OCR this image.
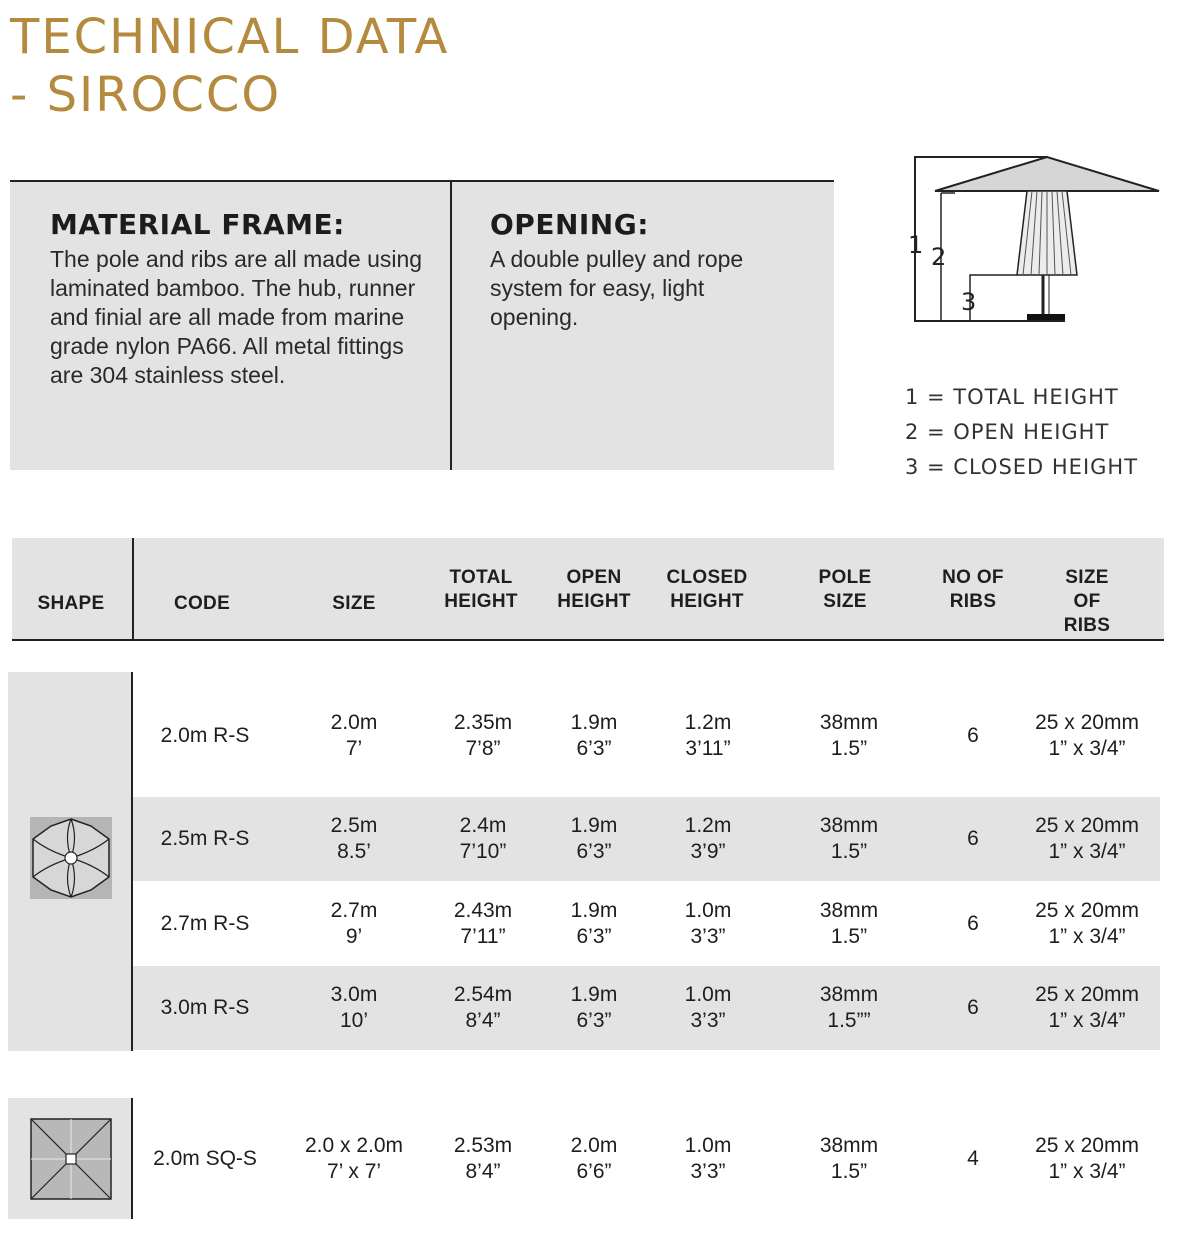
TECHNICAL DATA
- SIROCCO
MATERIAL FRAME:

The pole and ribs are all made using laminated bamboo. The hub, runner and finial are all made from marine grade nylon PA66. All metal fittings are 304 stainless steel.

OPENING:

A double pulley and rope system for easy, light opening.

1 2
3
1 = TOTAL HEIGHT
2 = OPEN HEIGHT
3 = CLOSED HEIGHT
SHAPE	CODE	SIZE
TOTAL
HEIGHT
OPEN
HEIGHT
CLOSED
HEIGHT
POLE
SIZE
NO OF
RIBS
SIZE
OF RIBS
2.0m R-S
2.0m
7’
2.35m
7’8”
1.9m
6’3”
1.2m
3’11”
38mm
1.5”
6
25 x 20mm
1” x 3/4”
2.5m R-S
2.5m
8.5’
2.4m
7’10”
1.9m
6’3”
1.2m
3’9”
38mm
1.5”
6
25 x 20mm
1” x 3/4”
2.7m R-S
2.7m
9’
2.43m
7’11”
1.9m
6’3”
1.0m
3’3”
38mm
1.5”
6
25 x 20mm
1” x 3/4”
3.0m R-S
3.0m
10’
2.54m
8’4”
1.9m
6’3”
1.0m
3’3”
38mm
1.5””
6
25 x 20mm
1” x 3/4”
2.0m SQ-S
2.0 x 2.0m
7’ x 7’
2.53m
8’4”
2.0m
6’6”
1.0m
3’3”
38mm
1.5”
4
25 x 20mm
1” x 3/4”
